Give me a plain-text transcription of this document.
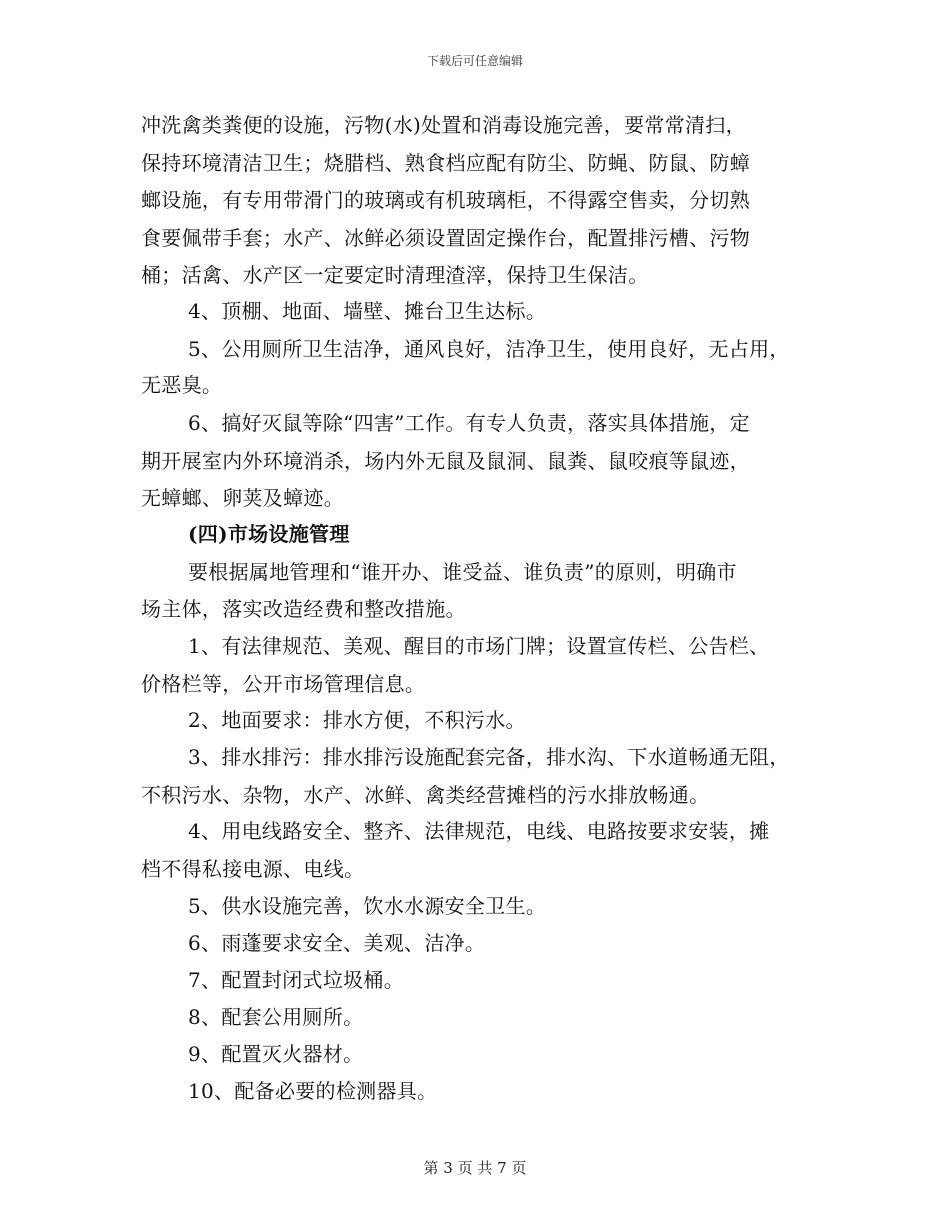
下载后可任意编辑
冲洗禽类粪便的设施，污物(水)处置和消毒设施完善，要常常清扫，
保持环境清洁卫生；烧腊档、熟食档应配有防尘、防蝇、防鼠、防蟑
螂设施，有专用带滑门的玻璃或有机玻璃柜，不得露空售卖，分切熟
食要佩带手套；水产、冰鲜必须设置固定操作台，配置排污槽、污物
桶；活禽、水产区一定要定时清理渣滓，保持卫生保洁。
4、顶棚、地面、墙壁、摊台卫生达标。
5、公用厕所卫生洁净，通风良好，洁净卫生，使用良好，无占用，
无恶臭。
6、搞好灭鼠等除“四害”工作。有专人负责，落实具体措施，定
期开展室内外环境消杀，场内外无鼠及鼠洞、鼠粪、鼠咬痕等鼠迹，
无蟑螂、卵荚及蟑迹。
(四)市场设施管理
要根据属地管理和“谁开办、谁受益、谁负责”的原则，明确市
场主体，落实改造经费和整改措施。
1、有法律规范、美观、醒目的市场门牌；设置宣传栏、公告栏、
价格栏等，公开市场管理信息。
2、地面要求：排水方便，不积污水。
3、排水排污：排水排污设施配套完备，排水沟、下水道畅通无阻，
不积污水、杂物，水产、冰鲜、禽类经营摊档的污水排放畅通。
4、用电线路安全、整齐、法律规范，电线、电路按要求安装，摊
档不得私接电源、电线。
5、供水设施完善，饮水水源安全卫生。
6、雨蓬要求安全、美观、洁净。
7、配置封闭式垃圾桶。
8、配套公用厕所。
9、配置灭火器材。
10、配备必要的检测器具。
第 3 页 共 7 页
